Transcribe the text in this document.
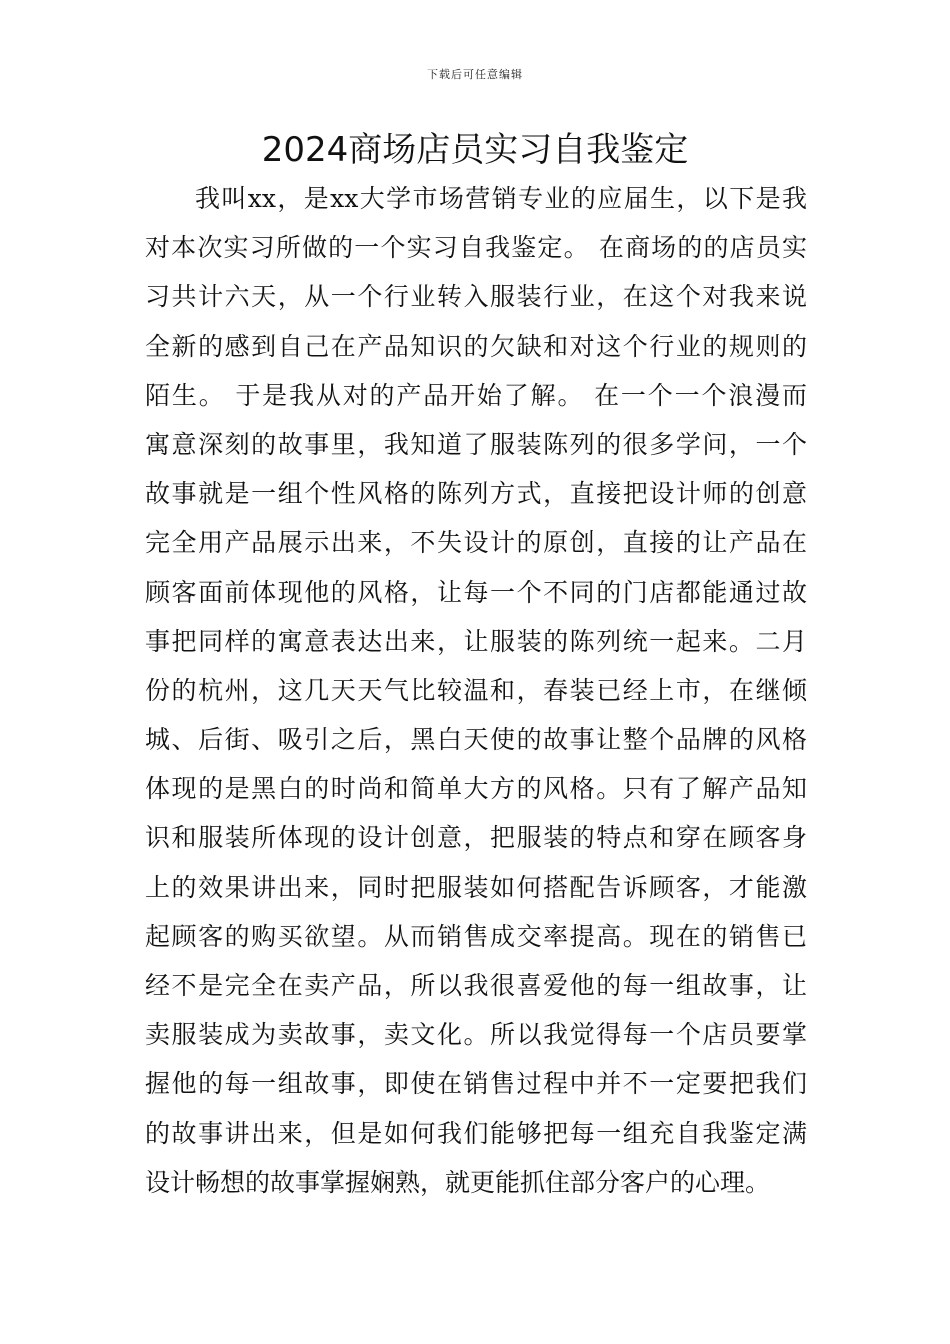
下载后可任意编辑
2024商场店员实习自我鉴定
我叫xx，是xx大学市场营销专业的应届生，以下是我
对本次实习所做的一个实习自我鉴定。 在商场的的店员实
习共计六天，从一个行业转入服装行业，在这个对我来说
全新的感到自己在产品知识的欠缺和对这个行业的规则的
陌生。 于是我从对的产品开始了解。 在一个一个浪漫而
寓意深刻的故事里，我知道了服装陈列的很多学问，一个
故事就是一组个性风格的陈列方式，直接把设计师的创意
完全用产品展示出来，不失设计的原创，直接的让产品在
顾客面前体现他的风格，让每一个不同的门店都能通过故
事把同样的寓意表达出来，让服装的陈列统一起来。二月
份的杭州，这几天天气比较温和，春装已经上市，在继倾
城、后街、吸引之后，黑白天使的故事让整个品牌的风格
体现的是黑白的时尚和简单大方的风格。只有了解产品知
识和服装所体现的设计创意，把服装的特点和穿在顾客身
上的效果讲出来，同时把服装如何搭配告诉顾客，才能激
起顾客的购买欲望。从而销售成交率提高。现在的销售已
经不是完全在卖产品，所以我很喜爱他的每一组故事，让
卖服装成为卖故事，卖文化。所以我觉得每一个店员要掌
握他的每一组故事，即使在销售过程中并不一定要把我们
的故事讲出来，但是如何我们能够把每一组充自我鉴定满
设计畅想的故事掌握娴熟，就更能抓住部分客户的心理。
